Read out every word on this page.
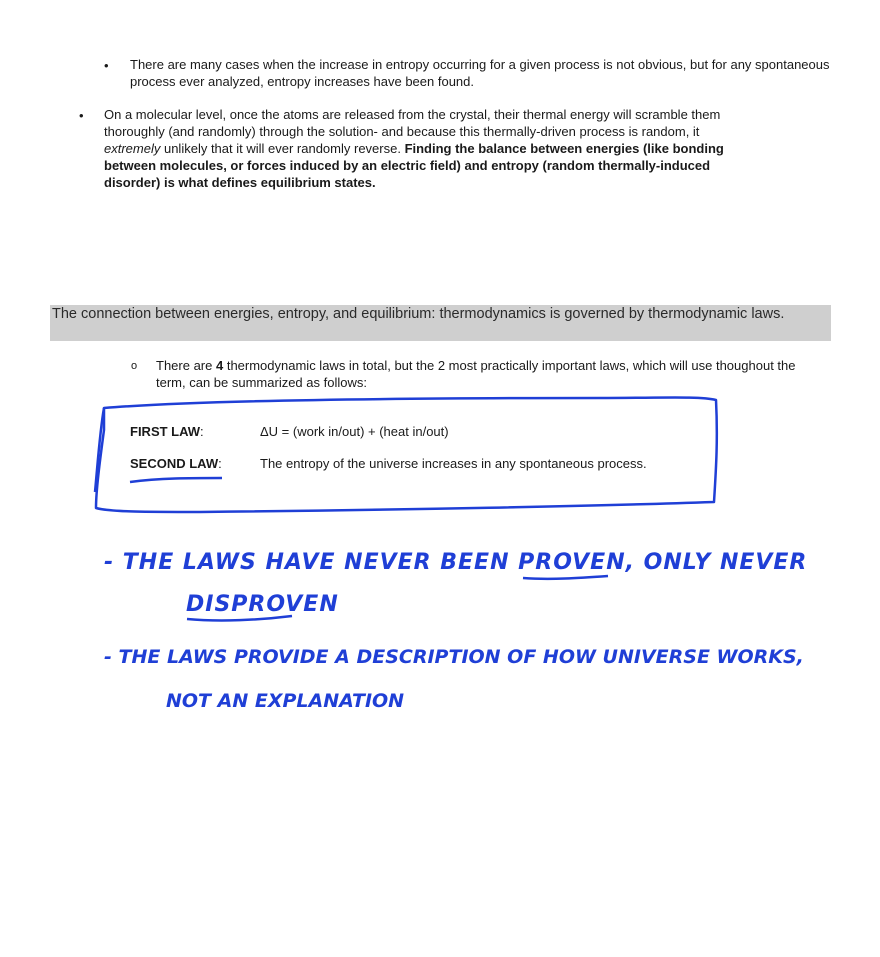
• There are many cases when the increase in entropy occurring for a given process is not obvious, but for any spontaneous process ever analyzed, entropy increases have been found.
• On a molecular level, once the atoms are released from the crystal, their thermal energy will scramble them
thoroughly (and randomly) through the solution- and because this thermally-driven process is random, it
extremely unlikely that it will ever randomly reverse. Finding the balance between energies (like bonding
between molecules, or forces induced by an electric field) and entropy (random thermally-induced
disorder) is what defines equilibrium states.
The connection between energies, entropy, and equilibrium: thermodynamics is governed by thermodynamic laws.
o There are 4 thermodynamic laws in total, but the 2 most practically important laws, which will use thoughout the term, can be summarized as follows:
FIRST LAW:	ΔU = (work in/out) + (heat in/out)
SECOND LAW:	The entropy of the universe increases in any spontaneous process.
- THE LAWS HAVE NEVER BEEN PROVEN, ONLY NEVER
DISPROVEN
- THE LAWS PROVIDE A DESCRIPTION OF HOW UNIVERSE WORKS,
NOT AN EXPLANATION
